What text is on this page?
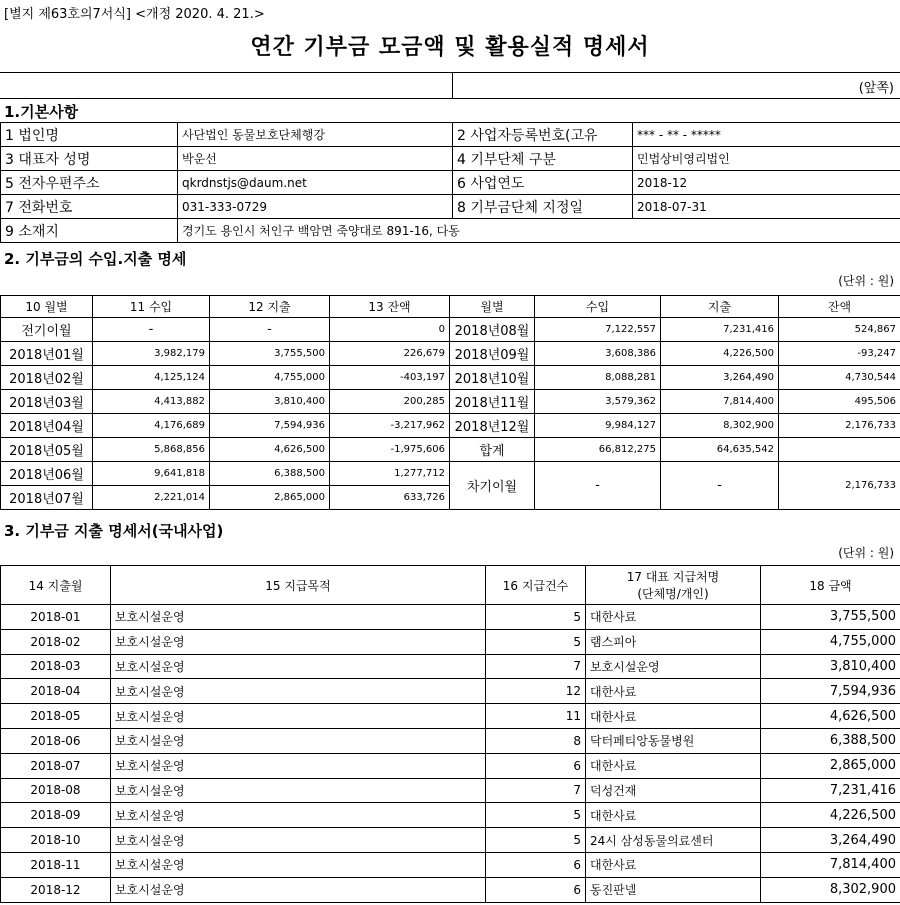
[별지 제63호의7서식] <개정 2020. 4. 21.>
연간 기부금 모금액 및 활용실적 명세서
(앞쪽)
1.기본사항
1 법인명	사단법인 동물보호단체행강	2 사업자등록번호(고유	*** - ** - *****
3 대표자 성명	박운선	4 기부단체 구분	민법상비영리법인
5 전자우편주소	qkrdnstjs@daum.net	6 사업연도	2018-12
7 전화번호	031-333-0729	8 기부금단체 지정일	2018-07-31
9 소재지	경기도 용인시 처인구 백암면 죽양대로 891-16, 다동		
2. 기부금의 수입.지출 명세
(단위 : 원)
10 월별	11 수입	12 지출	13 잔액	월별	수입	지출	잔액
전기이월	-	-	0	2018년08월	7,122,557	7,231,416	524,867
2018년01월	3,982,179	3,755,500	226,679	2018년09월	3,608,386	4,226,500	-93,247
2018년02월	4,125,124	4,755,000	-403,197	2018년10월	8,088,281	3,264,490	4,730,544
2018년03월	4,413,882	3,810,400	200,285	2018년11월	3,579,362	7,814,400	495,506
2018년04월	4,176,689	7,594,936	-3,217,962	2018년12월	9,984,127	8,302,900	2,176,733
2018년05월	5,868,856	4,626,500	-1,975,606	합계	66,812,275	64,635,542	
2018년06월	9,641,818	6,388,500	1,277,712	차기이월	-	-	2,176,733
2018년07월	2,221,014	2,865,000	633,726				
3. 기부금 지출 명세서(국내사업)
(단위 : 원)
14 지출월	15 지급목적	16 지급건수	17 대표 지급처명
(단체명/개인)	18 금액
2018-01	보호시설운영	5	대한사료	3,755,500
2018-02	보호시설운영	5	램스피아	4,755,000
2018-03	보호시설운영	7	보호시설운영	3,810,400
2018-04	보호시설운영	12	대한사료	7,594,936
2018-05	보호시설운영	11	대한사료	4,626,500
2018-06	보호시설운영	8	닥터페티앙동물병원	6,388,500
2018-07	보호시설운영	6	대한사료	2,865,000
2018-08	보호시설운영	7	덕성건재	7,231,416
2018-09	보호시설운영	5	대한사료	4,226,500
2018-10	보호시설운영	5	24시 삼성동물의료센터	3,264,490
2018-11	보호시설운영	6	대한사료	7,814,400
2018-12	보호시설운영	6	동진판넬	8,302,900
